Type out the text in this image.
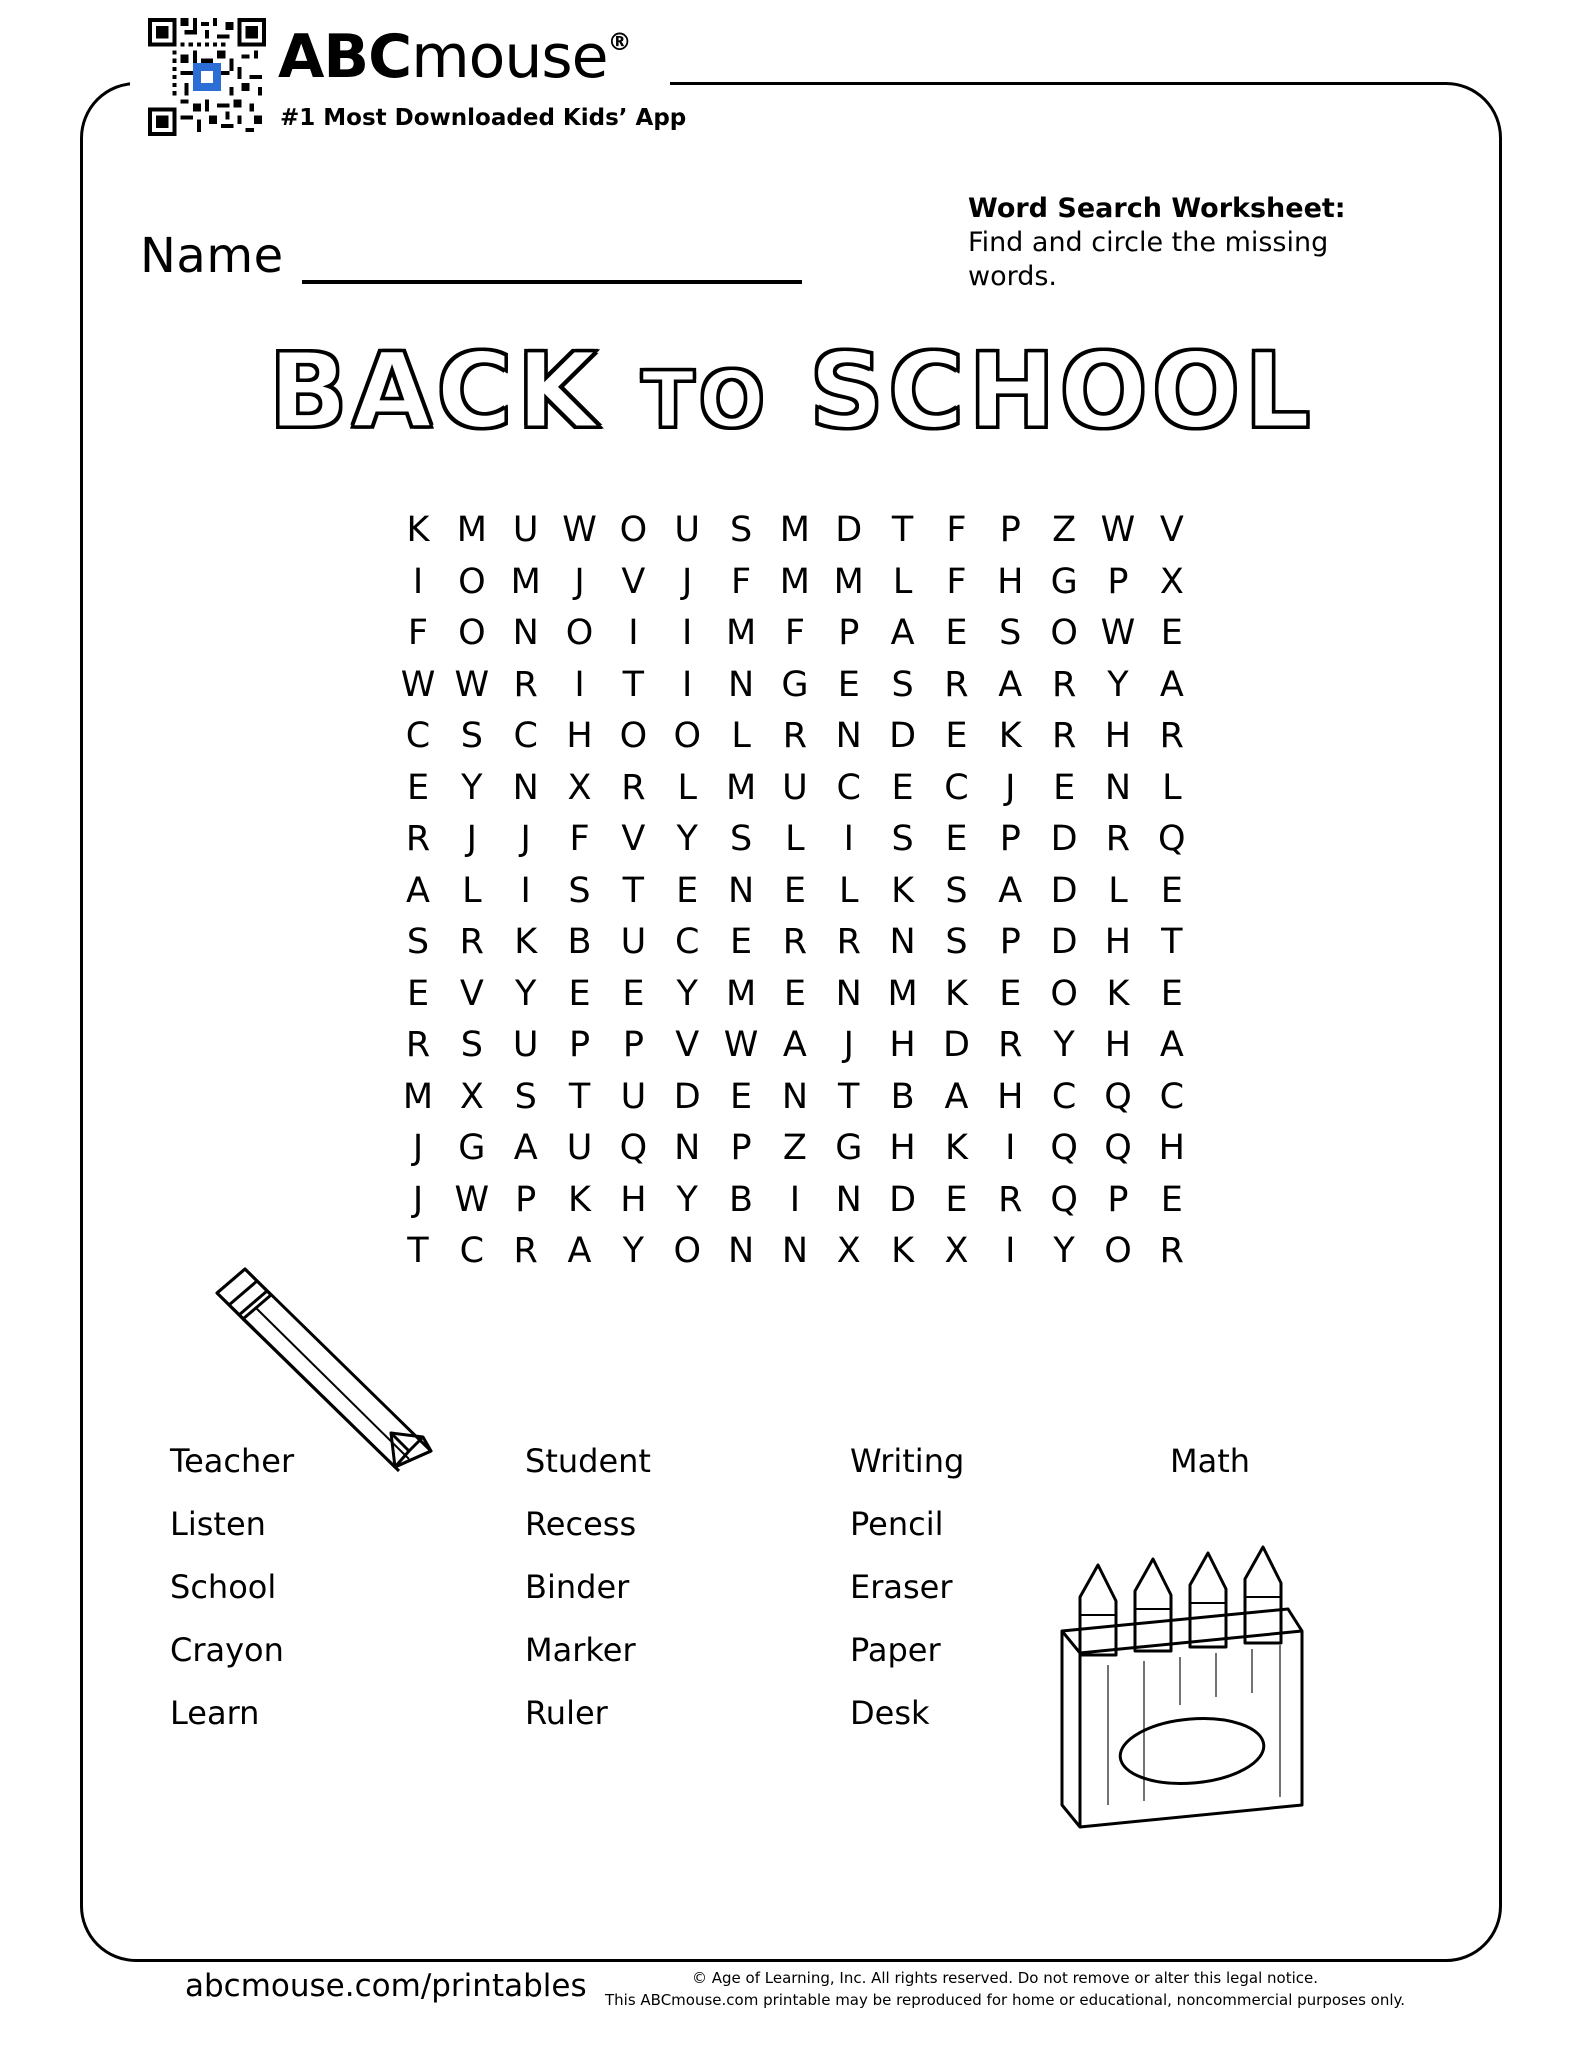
ABCmouse®
#1 Most Downloaded Kids’ App
Name
Word Search Worksheet:
Find and circle the missing words.
BACK TO SCHOOL
K M U W O U S M D T F P Z W V
I O M J	V	J	F M M L F H G P X
F O N O I	I M F P A E S O W E
W W R	I	T	I	N G E S R A R Y A
C S C H O O L R N D E K R H R
E Y N X R L M U C E C	J	E N L
R	J	J	F V Y S L	I	S E P D R Q
A L	I	S T E N E L K S A D L E
S R K B U C E R R N S P D H T
E V Y E E Y M E N M K E O K E
R S U P P V W A	J	H D R Y H A
M X S T U D E N T B A H C Q C
J	G A U Q N P Z G H K	I Q Q H
J W P K H Y B	I	N D E R Q P E
T C R A Y O N N X K X	I	Y O R
Teacher
Listen
School
Crayon
Learn
Student
Recess
Binder
Marker
Ruler
Writing
Pencil
Eraser
Paper
Desk
Math
abcmouse.com/printables	© Age of Learning, Inc. All rights reserved. Do not remove or alter this legal notice.
This ABCmouse.com printable may be reproduced for home or educational, noncommercial purposes only.
